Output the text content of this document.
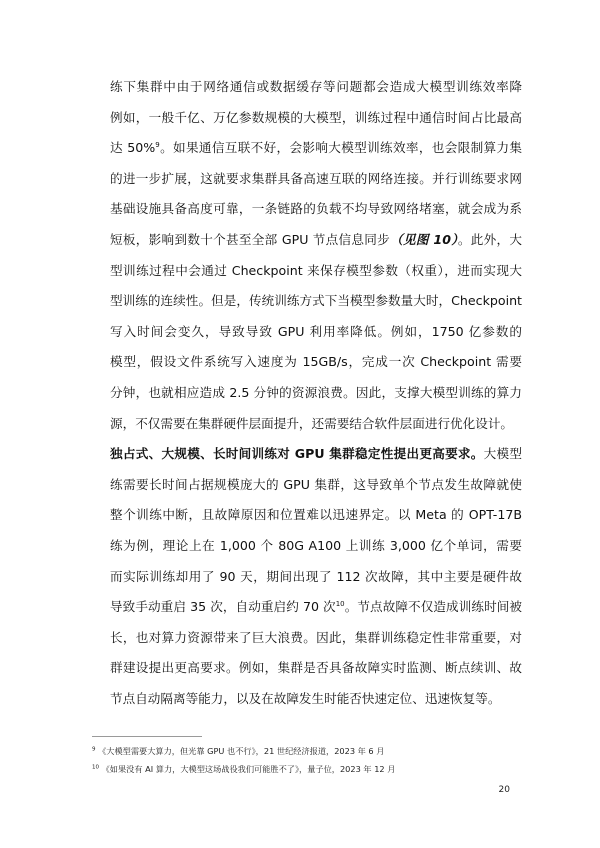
练下集群中由于网络通信或数据缓存等问题都会造成大模型训练效率降
例如，一般千亿、万亿参数规模的大模型，训练过程中通信时间占比最高
达 50%$^9$。如果通信互联不好，会影响大模型训练效率，也会限制算力集
的进一步扩展，这就要求集群具备高速互联的网络连接。并行训练要求网
基础设施具备高度可靠，一条链路的负载不均导致网络堵塞，就会成为系
短板，影响到数十个甚至全部 GPU 节点信息同步（见图 10）。此外，大
型训练过程中会通过 Checkpoint 来保存模型参数（权重），进而实现大
型训练的连续性。但是，传统训练方式下当模型参数量大时，Checkpoint
写入时间会变久，导致导致 GPU 利用率降低。例如，1750 亿参数的
模型，假设文件系统写入速度为 15GB/s，完成一次 Checkpoint 需要
分钟，也就相应造成 2.5 分钟的资源浪费。因此，支撑大模型训练的算力
源，不仅需要在集群硬件层面提升，还需要结合软件层面进行优化设计。
独占式、大规模、长时间训练对 GPU 集群稳定性提出更高要求。大模型
练需要长时间占据规模庞大的 GPU 集群，这导致单个节点发生故障就使
整个训练中断，且故障原因和位置难以迅速界定。以 Meta 的 OPT-17B
练为例，理论上在 1,000 个 80G A100 上训练 3,000 亿个单词，需要
而实际训练却用了 90 天，期间出现了 112 次故障，其中主要是硬件故
导致手动重启 35 次，自动重启约 70 次$^{10}$。节点故障不仅造成训练时间被
长，也对算力资源带来了巨大浪费。因此，集群训练稳定性非常重要，对
群建设提出更高要求。例如，集群是否具备故障实时监测、断点续训、故
节点自动隔离等能力，以及在故障发生时能否快速定位、迅速恢复等。
$^9$ 《大模型需要大算力，但光靠 GPU 也不行》，21 世纪经济报道，2023 年 6 月
$^{10}$ 《如果没有 AI 算力，大模型这场战役我们可能胜不了》，量子位，2023 年 12 月
20
